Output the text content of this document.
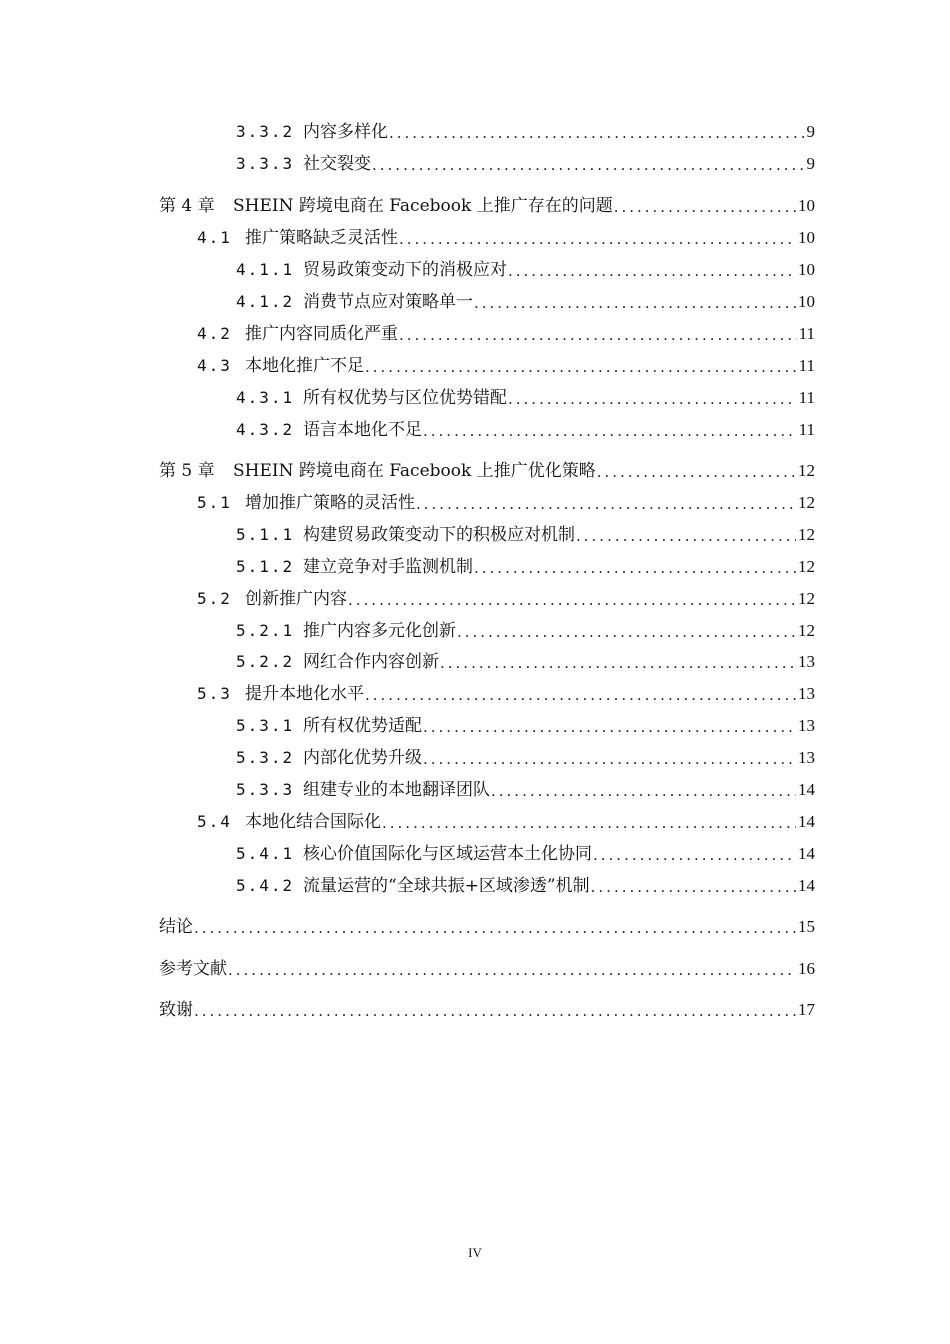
3.3.2 内容多样化 .....	9
3.3.3 社交裂变 .....	9
第 4 章	SHEIN 跨境电商在 Facebook 上推广存在的问题 .....	10
4.1 推广策略缺乏灵活性 .....	10
4.1.1 贸易政策变动下的消极应对 .....	10
4.1.2 消费节点应对策略单一 .....	10
4.2 推广内容同质化严重 .....	11
4.3 本地化推广不足 .....	11
4.3.1 所有权优势与区位优势错配 .....	11
4.3.2 语言本地化不足 .....	11
第 5 章	SHEIN 跨境电商在 Facebook 上推广优化策略 .....	12
5.1 增加推广策略的灵活性 .....	12
5.1.1 构建贸易政策变动下的积极应对机制 .....	12
5.1.2 建立竞争对手监测机制 .....	12
5.2 创新推广内容 .....	12
5.2.1 推广内容多元化创新 .....	12
5.2.2 网红合作内容创新 .....	13
5.3 提升本地化水平 .....	13
5.3.1 所有权优势适配 .....	13
5.3.2 内部化优势升级 .....	13
5.3.3 组建专业的本地翻译团队 .....	14
5.4 本地化结合国际化 .....	14
5.4.1 核心价值国际化与区域运营本土化协同 .....	14
5.4.2 流量运营的“全球共振+区域渗透”机制 .....	14
结论 .....	15
参考文献 .....	16
致谢 .....	17
IV
